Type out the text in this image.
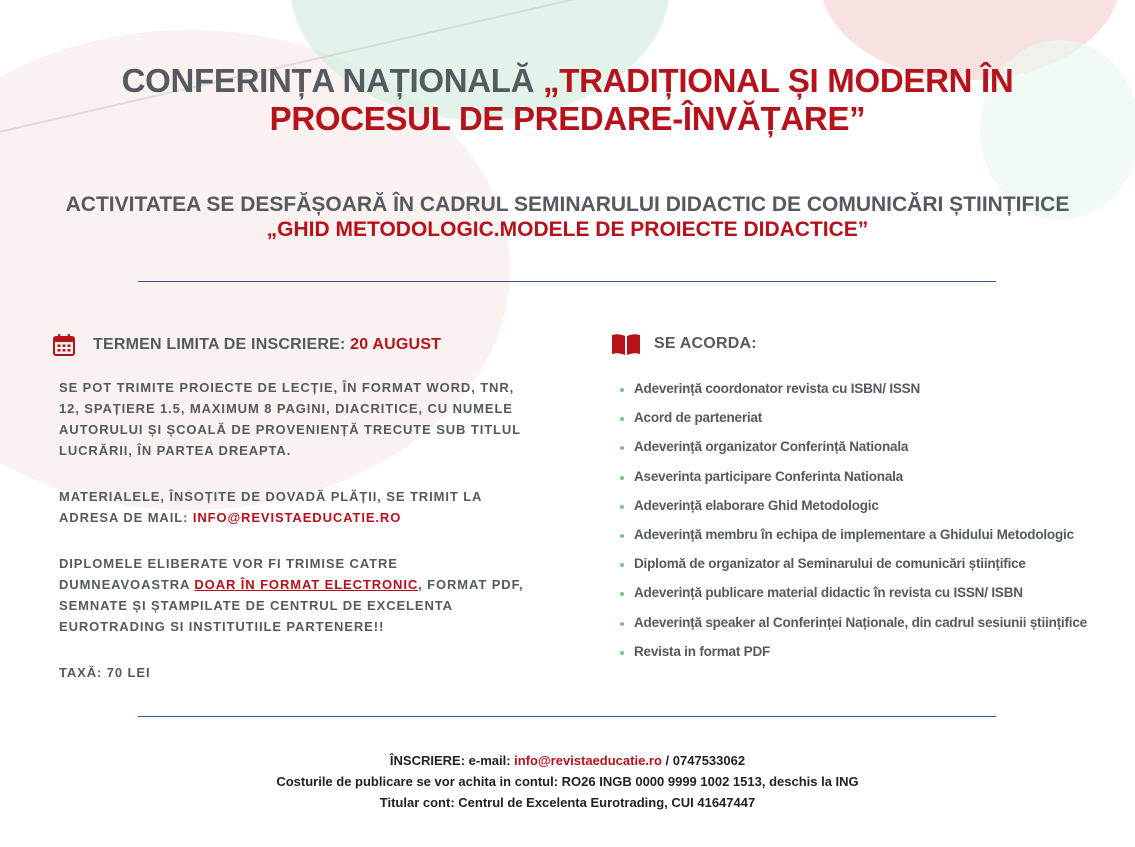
CONFERINȚA NAȚIONALĂ „TRADIȚIONAL ȘI MODERN ÎN PROCESUL DE PREDARE-ÎNVĂȚARE”
ACTIVITATEA SE DESFĂȘOARĂ ÎN CADRUL SEMINARULUI DIDACTIC DE COMUNICĂRI ȘTIINȚIFICE
„GHID METODOLOGIC.MODELE DE PROIECTE DIDACTICE”
TERMEN LIMITA DE INSCRIERE: 20 AUGUST

SE POT TRIMITE PROIECTE DE LECȚIE, ÎN FORMAT WORD, TNR, 12, SPAȚIERE 1.5, MAXIMUM 8 PAGINI, DIACRITICE, CU NUMELE AUTORULUI ȘI ȘCOALĂ DE PROVENIENȚĂ TRECUTE SUB TITLUL LUCRĂRII, ÎN PARTEA DREAPTA.

MATERIALELE, ÎNSOȚITE DE DOVADĂ PLĂȚII, SE TRIMIT LA ADRESA DE MAIL: INFO@REVISTAEDUCATIE.RO

DIPLOMELE ELIBERATE VOR FI TRIMISE CATRE DUMNEAVOASTRA DOAR ÎN FORMAT ELECTRONIC, FORMAT PDF, SEMNATE ȘI ȘTAMPILATE DE CENTRUL DE EXCELENTA EUROTRADING SI INSTITUTIILE PARTENERE!!

TAXĂ: 70 LEI

SE ACORDA:
Adeverință coordonator revista cu ISBN/ ISSN
Acord de parteneriat
Adeverință organizator Conferință Nationala
Aseverinta participare Conferinta Nationala
Adeverință elaborare Ghid Metodologic
Adeverință membru în echipa de implementare a Ghidului Metodologic
Diplomă de organizator al Seminarului de comunicări științifice
Adeverință publicare material didactic în revista cu ISSN/ ISBN
Adeverință speaker al Conferinței Naționale, din cadrul sesiunii științifice
Revista in format PDF
ÎNSCRIERE: e-mail: info@revistaeducatie.ro / 0747533062
Costurile de publicare se vor achita in contul: RO26 INGB 0000 9999 1002 1513, deschis la ING
Titular cont: Centrul de Excelenta Eurotrading, CUI 41647447
